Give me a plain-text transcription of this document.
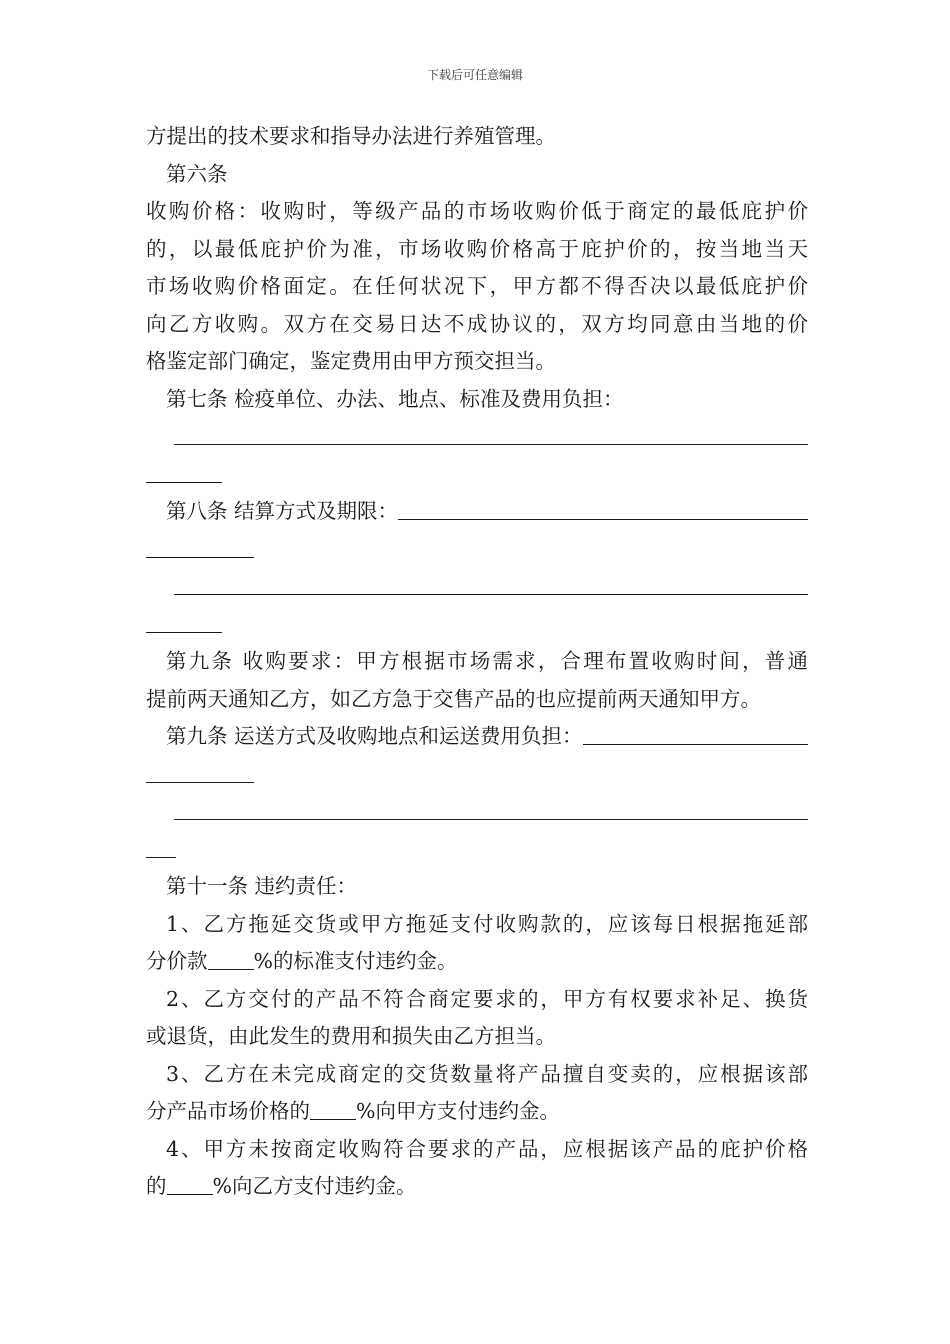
下载后可任意编辑
方提出的技术要求和指导办法进行养殖管理。
第六条
收购价格：收购时，等级产品的市场收购价低于商定的最低庇护价
的，以最低庇护价为准，市场收购价格高于庇护价的，按当地当天
市场收购价格面定。在任何状况下，甲方都不得否决以最低庇护价
向乙方收购。双方在交易日达不成协议的，双方均同意由当地的价
格鉴定部门确定，鉴定费用由甲方预交担当。
第七条 检疫单位、办法、地点、标准及费用负担：
第八条 结算方式及期限：
第九条 收购要求：甲方根据市场需求，合理布置收购时间，普通
提前两天通知乙方，如乙方急于交售产品的也应提前两天通知甲方。
第九条 运送方式及收购地点和运送费用负担：
第十一条 违约责任：
1、乙方拖延交货或甲方拖延支付收购款的，应该每日根据拖延部
分价款 %的标准支付违约金。
2、乙方交付的产品不符合商定要求的，甲方有权要求补足、换货
或退货，由此发生的费用和损失由乙方担当。
3、乙方在未完成商定的交货数量将产品擅自变卖的，应根据该部
分产品市场价格的 %向甲方支付违约金。
4、甲方未按商定收购符合要求的产品，应根据该产品的庇护价格
的 %向乙方支付违约金。
